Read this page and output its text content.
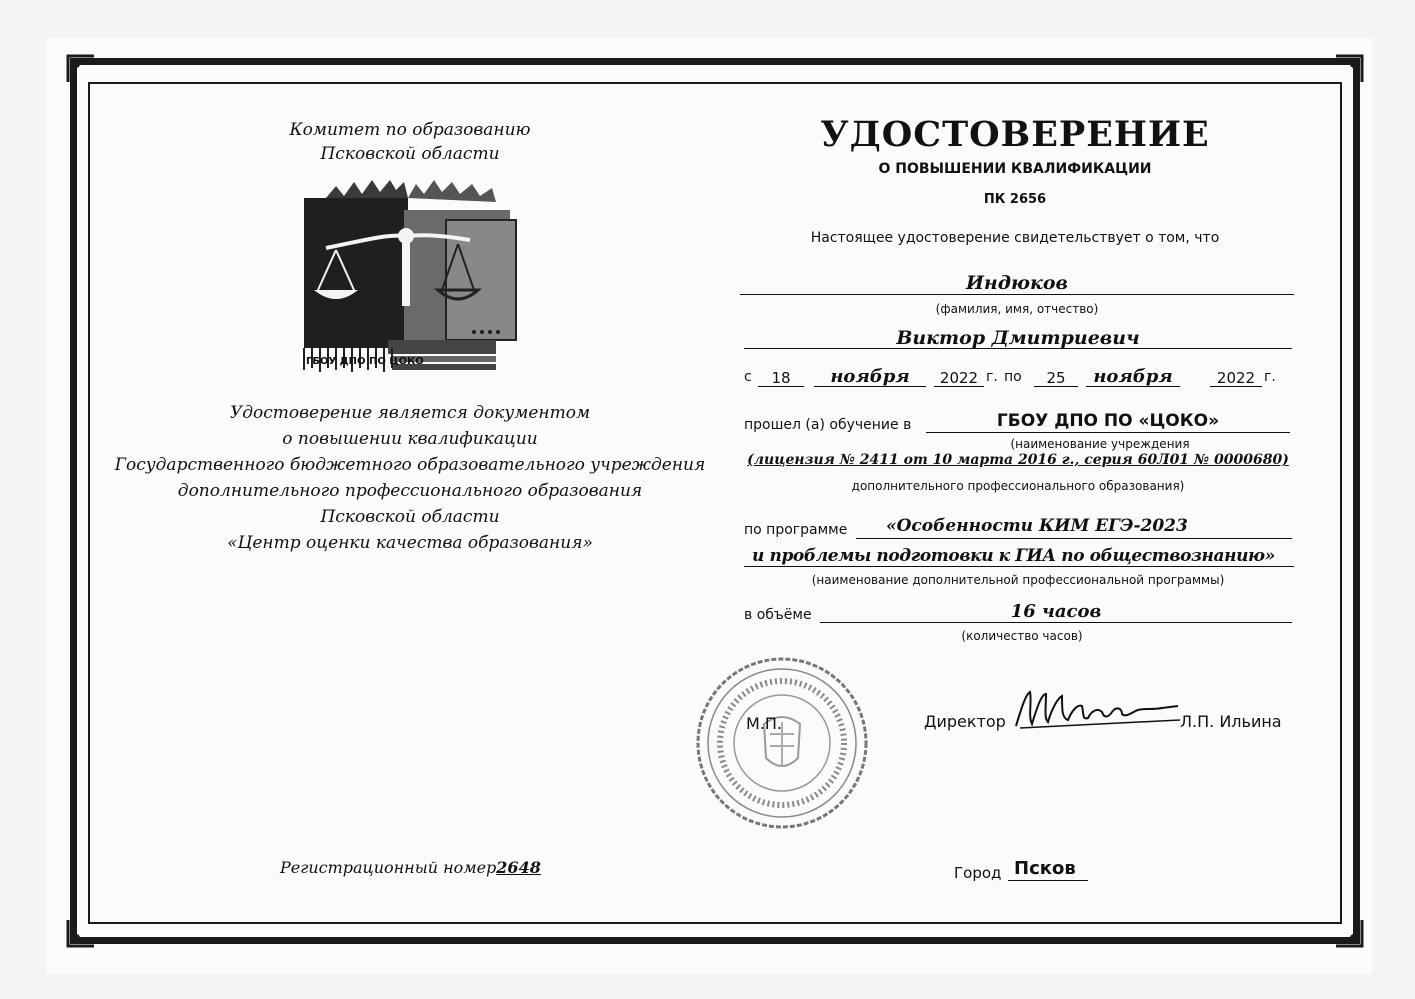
Комитет по образованию
Псковской области
ГБОУ ДПО ПО ЦОКО
Удостоверение является документом
о повышении квалификации
Государственного бюджетного образовательного учреждения
дополнительного профессионального образования
Псковской области
«Центр оценки качества образования»
Регистрационный номер2648
УДОСТОВЕРЕНИЕ
О ПОВЫШЕНИИ КВАЛИФИКАЦИИ
ПК 2656
Настоящее удостоверение свидетельствует о том, что
Индюков
(фамилия, имя, отчество)
Виктор Дмитриевич
с	18	ноября	2022 г. по	25	ноября	2022 г.
прошел (а) обучение в	ГБОУ ДПО ПО «ЦОКО»
(наименование учреждения
(лицензия № 2411 от 10 марта 2016 г., серия 60Л01 № 0000680)
дополнительного профессионального образования)
по программе «Особенности КИМ ЕГЭ-2023
и проблемы подготовки к ГИА по обществознанию»
(наименование дополнительной профессиональной программы)
в объёме	16 часов
(количество часов)
М.П.	Директор	Л.П. Ильина
Город Псков
